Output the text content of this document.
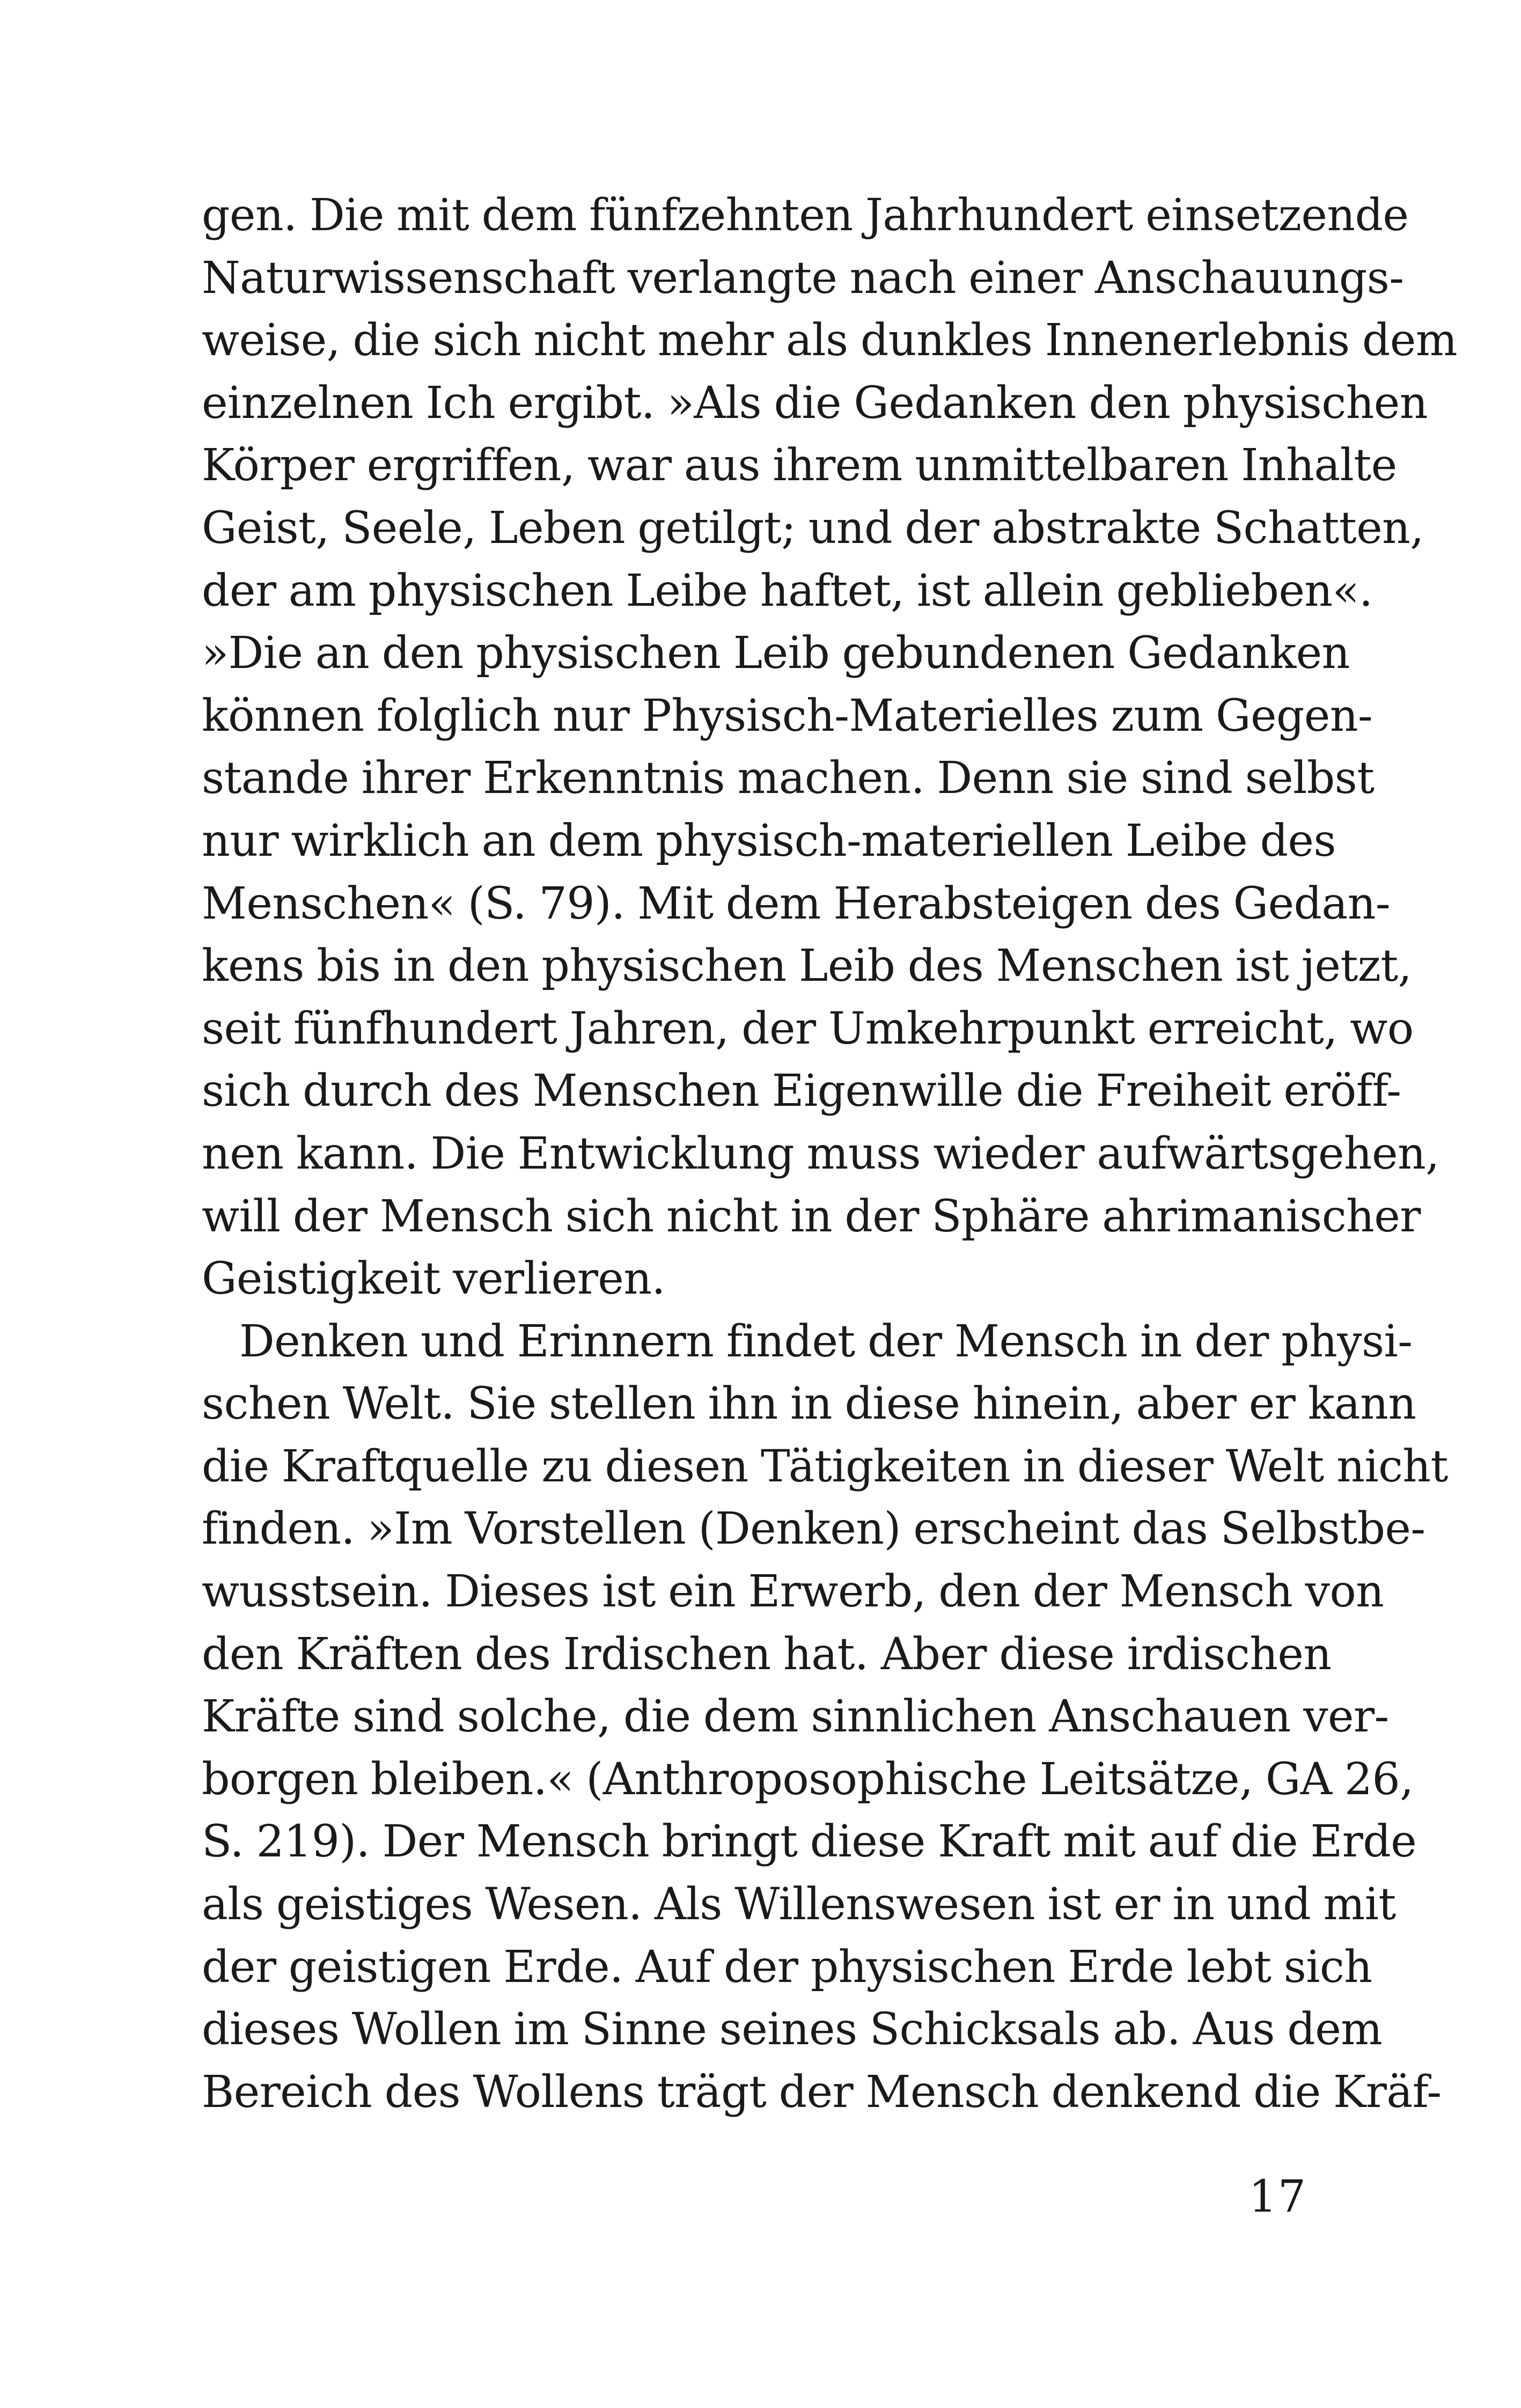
gen. Die mit dem fünfzehnten Jahrhundert einsetzende
Naturwissenschaft verlangte nach einer Anschauungs-
weise, die sich nicht mehr als dunkles Innenerlebnis dem
einzelnen Ich ergibt. »Als die Gedanken den physischen
Körper ergriffen, war aus ihrem unmittelbaren Inhalte
Geist, Seele, Leben getilgt; und der abstrakte Schatten,
der am physischen Leibe haftet, ist allein geblieben«.
»Die an den physischen Leib gebundenen Gedanken
können folglich nur Physisch-Materielles zum Gegen-
stande ihrer Erkenntnis machen. Denn sie sind selbst
nur wirklich an dem physisch-materiellen Leibe des
Menschen« (S. 79). Mit dem Herabsteigen des Gedan-
kens bis in den physischen Leib des Menschen ist jetzt,
seit fünfhundert Jahren, der Umkehrpunkt erreicht, wo
sich durch des Menschen Eigenwille die Freiheit eröff-
nen kann. Die Entwicklung muss wieder aufwärtsgehen,
will der Mensch sich nicht in der Sphäre ahrimanischer
Geistigkeit verlieren.
Denken und Erinnern findet der Mensch in der physi-
schen Welt. Sie stellen ihn in diese hinein, aber er kann
die Kraftquelle zu diesen Tätigkeiten in dieser Welt nicht
finden. »Im Vorstellen (Denken) erscheint das Selbstbe-
wusstsein. Dieses ist ein Erwerb, den der Mensch von
den Kräften des Irdischen hat. Aber diese irdischen
Kräfte sind solche, die dem sinnlichen Anschauen ver-
borgen bleiben.« (Anthroposophische Leitsätze, GA 26,
S. 219). Der Mensch bringt diese Kraft mit auf die Erde
als geistiges Wesen. Als Willenswesen ist er in und mit
der geistigen Erde. Auf der physischen Erde lebt sich
dieses Wollen im Sinne seines Schicksals ab. Aus dem
Bereich des Wollens trägt der Mensch denkend die Kräf-
17
